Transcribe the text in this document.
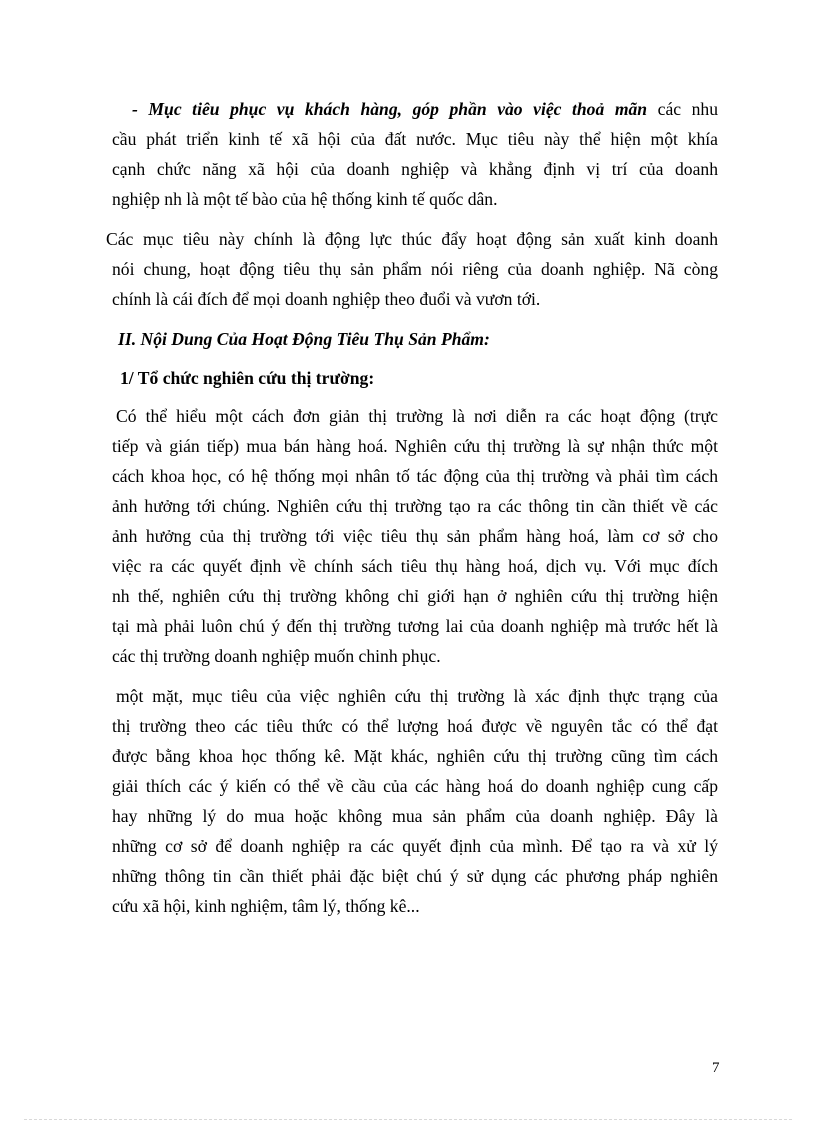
- Mục tiêu phục vụ khách hàng, góp phần vào việc thoả mãn các nhu
cầu phát triển kinh tế xã hội của đất nước. Mục tiêu này thể hiện một khía
cạnh chức năng xã hội của doanh nghiệp và khẳng định vị trí của doanh
nghiệp nh là một tế bào của hệ thống kinh tế quốc dân.
Các mục tiêu này chính là động lực thúc đẩy hoạt động sản xuất kinh doanh
nói chung, hoạt động tiêu thụ sản phẩm nói riêng của doanh nghiệp. Nã còng
chính là cái đích để mọi doanh nghiệp theo đuổi và vươn tới.
II. Nội Dung Của Hoạt Động Tiêu Thụ Sản Phẩm:
1/ Tổ chức nghiên cứu thị trường:
Có thể hiểu một cách đơn giản thị trường là nơi diễn ra các hoạt động (trực
tiếp và gián tiếp) mua bán hàng hoá. Nghiên cứu thị trường là sự nhận thức một
cách khoa học, có hệ thống mọi nhân tố tác động của thị trường và phải tìm cách
ảnh hưởng tới chúng. Nghiên cứu thị trường tạo ra các thông tin cần thiết về các
ảnh hưởng của thị trường tới việc tiêu thụ sản phẩm hàng hoá, làm cơ sở cho
việc ra các quyết định về chính sách tiêu thụ hàng hoá, dịch vụ. Với mục đích
nh thế, nghiên cứu thị trường không chỉ giới hạn ở nghiên cứu thị trường hiện
tại mà phải luôn chú ý đến thị trường tương lai của doanh nghiệp mà trước hết là
các thị trường doanh nghiệp muốn chinh phục.
một mặt, mục tiêu của việc nghiên cứu thị trường là xác định thực trạng của
thị trường theo các tiêu thức có thể lượng hoá được về nguyên tắc có thể đạt
được bằng khoa học thống kê. Mặt khác, nghiên cứu thị trường cũng tìm cách
giải thích các ý kiến có thể về cầu của các hàng hoá do doanh nghiệp cung cấp
hay những lý do mua hoặc không mua sản phẩm của doanh nghiệp. Đây là
những cơ sở để doanh nghiệp ra các quyết định của mình. Để tạo ra và xử lý
những thông tin cần thiết phải đặc biệt chú ý sử dụng các phương pháp nghiên
cứu xã hội, kinh nghiệm, tâm lý, thống kê...
7
